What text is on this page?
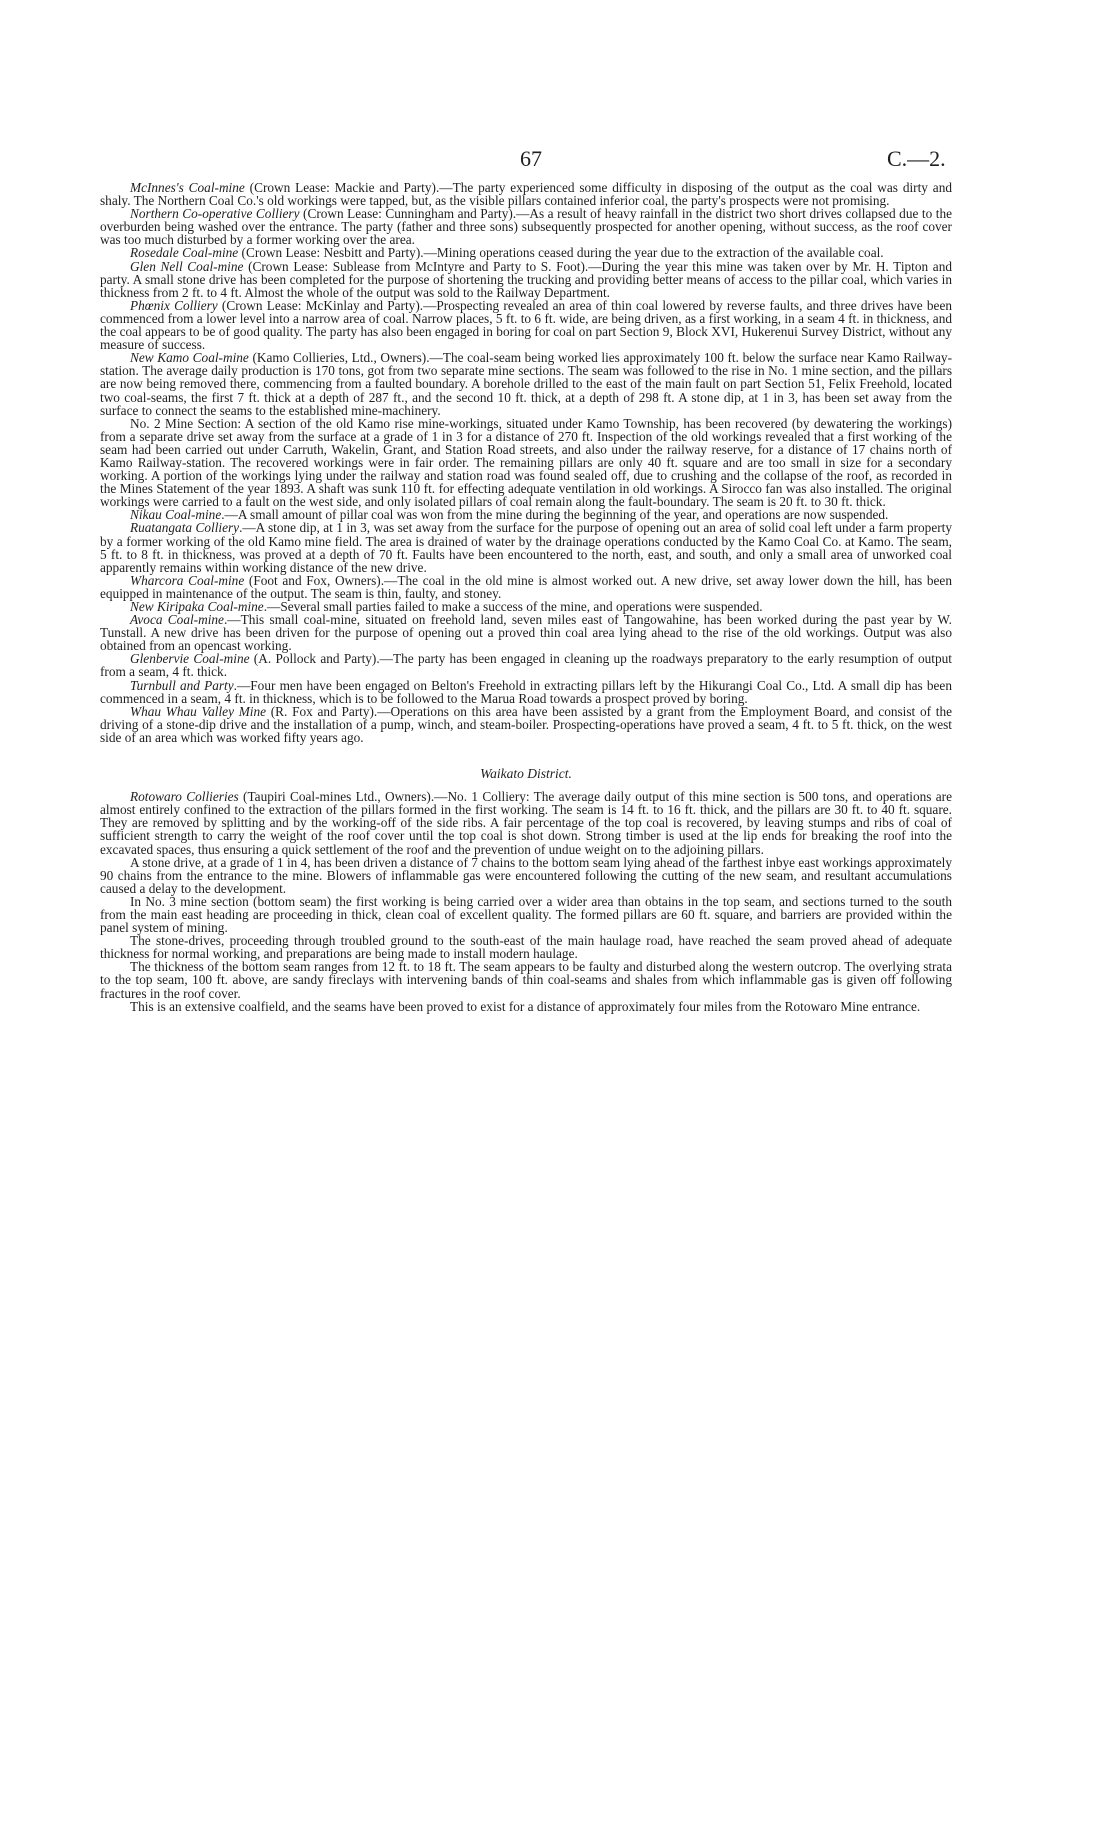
67	C.—2.

McInnes's Coal-mine (Crown Lease: Mackie and Party).—The party experienced some difficulty in disposing of the output as the coal was dirty and shaly. The Northern Coal Co.'s old workings were tapped, but, as the visible pillars contained inferior coal, the party's prospects were not promising.

Northern Co-operative Colliery (Crown Lease: Cunningham and Party).—As a result of heavy rainfall in the district two short drives collapsed due to the overburden being washed over the entrance. The party (father and three sons) subsequently prospected for another opening, without success, as the roof cover was too much disturbed by a former working over the area.

Rosedale Coal-mine (Crown Lease: Nesbitt and Party).—Mining operations ceased during the year due to the extraction of the available coal.

Glen Nell Coal-mine (Crown Lease: Sublease from McIntyre and Party to S. Foot).—During the year this mine was taken over by Mr. H. Tipton and party. A small stone drive has been completed for the purpose of shortening the trucking and providing better means of access to the pillar coal, which varies in thickness from 2 ft. to 4 ft. Almost the whole of the output was sold to the Railway Department.

Phœnix Colliery (Crown Lease: McKinlay and Party).—Prospecting revealed an area of thin coal lowered by reverse faults, and three drives have been commenced from a lower level into a narrow area of coal. Narrow places, 5 ft. to 6 ft. wide, are being driven, as a first working, in a seam 4 ft. in thickness, and the coal appears to be of good quality. The party has also been engaged in boring for coal on part Section 9, Block XVI, Hukerenui Survey District, without any measure of success.

New Kamo Coal-mine (Kamo Collieries, Ltd., Owners).—The coal-seam being worked lies approximately 100 ft. below the surface near Kamo Railway-station. The average daily production is 170 tons, got from two separate mine sections. The seam was followed to the rise in No. 1 mine section, and the pillars are now being removed there, commencing from a faulted boundary. A borehole drilled to the east of the main fault on part Section 51, Felix Freehold, located two coal-seams, the first 7 ft. thick at a depth of 287 ft., and the second 10 ft. thick, at a depth of 298 ft. A stone dip, at 1 in 3, has been set away from the surface to connect the seams to the established mine-machinery.

No. 2 Mine Section: A section of the old Kamo rise mine-workings, situated under Kamo Township, has been recovered (by dewatering the workings) from a separate drive set away from the surface at a grade of 1 in 3 for a distance of 270 ft. Inspection of the old workings revealed that a first working of the seam had been carried out under Carruth, Wakelin, Grant, and Station Road streets, and also under the railway reserve, for a distance of 17 chains north of Kamo Railway-station. The recovered workings were in fair order. The remaining pillars are only 40 ft. square and are too small in size for a secondary working. A portion of the workings lying under the railway and station road was found sealed off, due to crushing and the collapse of the roof, as recorded in the Mines Statement of the year 1893. A shaft was sunk 110 ft. for effecting adequate ventilation in old workings. A Sirocco fan was also installed. The original workings were carried to a fault on the west side, and only isolated pillars of coal remain along the fault-boundary. The seam is 20 ft. to 30 ft. thick.

Nikau Coal-mine.—A small amount of pillar coal was won from the mine during the beginning of the year, and operations are now suspended.

Ruatangata Colliery.—A stone dip, at 1 in 3, was set away from the surface for the purpose of opening out an area of solid coal left under a farm property by a former working of the old Kamo mine field. The area is drained of water by the drainage operations conducted by the Kamo Coal Co. at Kamo. The seam, 5 ft. to 8 ft. in thickness, was proved at a depth of 70 ft. Faults have been encountered to the north, east, and south, and only a small area of unworked coal apparently remains within working distance of the new drive.

Wharcora Coal-mine (Foot and Fox, Owners).—The coal in the old mine is almost worked out. A new drive, set away lower down the hill, has been equipped in maintenance of the output. The seam is thin, faulty, and stoney.

New Kiripaka Coal-mine.—Several small parties failed to make a success of the mine, and operations were suspended.

Avoca Coal-mine.—This small coal-mine, situated on freehold land, seven miles east of Tangowahine, has been worked during the past year by W. Tunstall. A new drive has been driven for the purpose of opening out a proved thin coal area lying ahead to the rise of the old workings. Output was also obtained from an opencast working.

Glenbervie Coal-mine (A. Pollock and Party).—The party has been engaged in cleaning up the roadways preparatory to the early resumption of output from a seam, 4 ft. thick.

Turnbull and Party.—Four men have been engaged on Belton's Freehold in extracting pillars left by the Hikurangi Coal Co., Ltd. A small dip has been commenced in a seam, 4 ft. in thickness, which is to be followed to the Marua Road towards a prospect proved by boring.

Whau Whau Valley Mine (R. Fox and Party).—Operations on this area have been assisted by a grant from the Employment Board, and consist of the driving of a stone-dip drive and the installation of a pump, winch, and steam-boiler. Prospecting-operations have proved a seam, 4 ft. to 5 ft. thick, on the west side of an area which was worked fifty years ago.

Waikato District.

Rotowaro Collieries (Taupiri Coal-mines Ltd., Owners).—No. 1 Colliery: The average daily output of this mine section is 500 tons, and operations are almost entirely confined to the extraction of the pillars formed in the first working. The seam is 14 ft. to 16 ft. thick, and the pillars are 30 ft. to 40 ft. square. They are removed by splitting and by the working-off of the side ribs. A fair percentage of the top coal is recovered, by leaving stumps and ribs of coal of sufficient strength to carry the weight of the roof cover until the top coal is shot down. Strong timber is used at the lip ends for breaking the roof into the excavated spaces, thus ensuring a quick settlement of the roof and the prevention of undue weight on to the adjoining pillars.

A stone drive, at a grade of 1 in 4, has been driven a distance of 7 chains to the bottom seam lying ahead of the farthest inbye east workings approximately 90 chains from the entrance to the mine. Blowers of inflammable gas were encountered following the cutting of the new seam, and resultant accumulations caused a delay to the development.

In No. 3 mine section (bottom seam) the first working is being carried over a wider area than obtains in the top seam, and sections turned to the south from the main east heading are proceeding in thick, clean coal of excellent quality. The formed pillars are 60 ft. square, and barriers are provided within the panel system of mining.

The stone-drives, proceeding through troubled ground to the south-east of the main haulage road, have reached the seam proved ahead of adequate thickness for normal working, and preparations are being made to install modern haulage.

The thickness of the bottom seam ranges from 12 ft. to 18 ft. The seam appears to be faulty and disturbed along the western outcrop. The overlying strata to the top seam, 100 ft. above, are sandy fireclays with intervening bands of thin coal-seams and shales from which inflammable gas is given off following fractures in the roof cover.

This is an extensive coalfield, and the seams have been proved to exist for a distance of approximately four miles from the Rotowaro Mine entrance.
